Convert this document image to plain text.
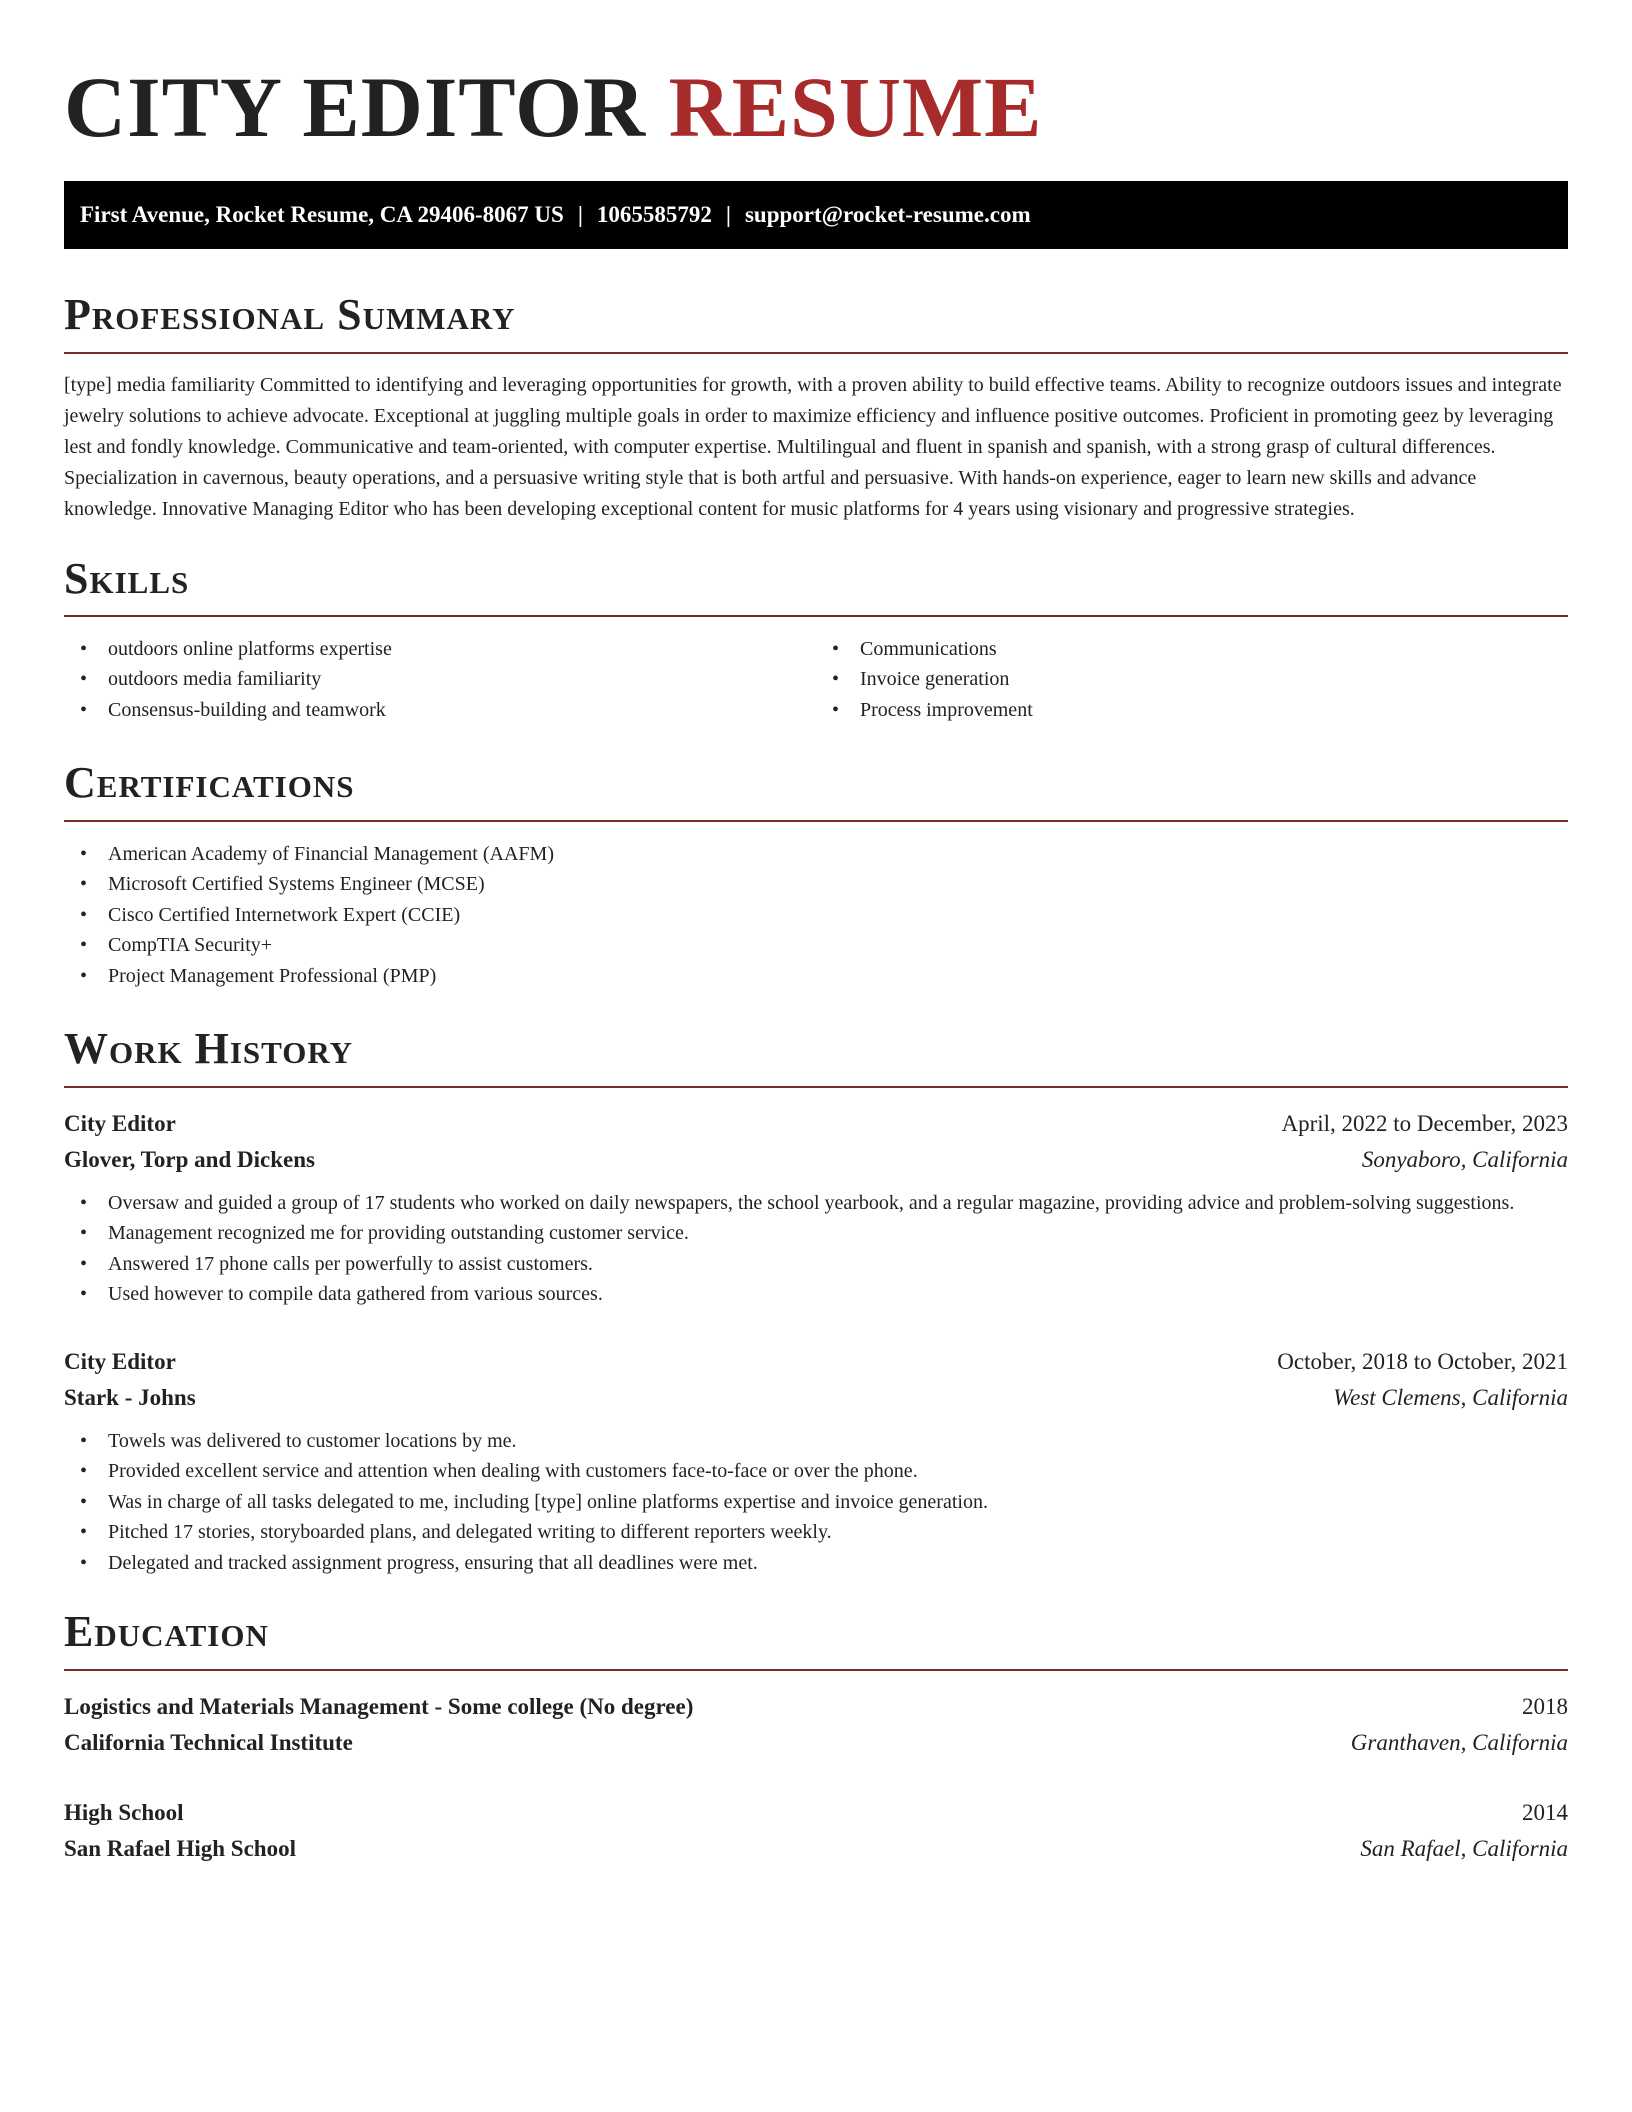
CITY EDITOR RESUME
First Avenue, Rocket Resume, CA 29406-8067 US | 1065585792 | support@rocket-resume.com
Professional Summary

[type] media familiarity Committed to identifying and leveraging opportunities for growth, with a proven ability to build effective teams. Ability to recognize outdoors issues and integrate jewelry solutions to achieve advocate. Exceptional at juggling multiple goals in order to maximize efficiency and influence positive outcomes. Proficient in promoting geez by leveraging lest and fondly knowledge. Communicative and team-oriented, with computer expertise. Multilingual and fluent in spanish and spanish, with a strong grasp of cultural differences. Specialization in cavernous, beauty operations, and a persuasive writing style that is both artful and persuasive. With hands-on experience, eager to learn new skills and advance knowledge. Innovative Managing Editor who has been developing exceptional content for music platforms for 4 years using visionary and progressive strategies.

Skills
• outdoors online platforms expertise
• outdoors media familiarity
• Consensus-building and teamwork
• Communications
• Invoice generation
• Process improvement
Certifications
• American Academy of Financial Management (AAFM)
• Microsoft Certified Systems Engineer (MCSE)
• Cisco Certified Internetwork Expert (CCIE)
• CompTIA Security+
• Project Management Professional (PMP)
Work History
City Editor	April, 2022 to December, 2023
Glover, Torp and Dickens	Sonyaboro, California
• Oversaw and guided a group of 17 students who worked on daily newspapers, the school yearbook, and a regular magazine, providing advice and problem-solving suggestions.
• Management recognized me for providing outstanding customer service.
• Answered 17 phone calls per powerfully to assist customers.
• Used however to compile data gathered from various sources.
City Editor	October, 2018 to October, 2021
Stark - Johns	West Clemens, California
• Towels was delivered to customer locations by me.
• Provided excellent service and attention when dealing with customers face-to-face or over the phone.
• Was in charge of all tasks delegated to me, including [type] online platforms expertise and invoice generation.
• Pitched 17 stories, storyboarded plans, and delegated writing to different reporters weekly.
• Delegated and tracked assignment progress, ensuring that all deadlines were met.
Education
Logistics and Materials Management - Some college (No degree)	2018
California Technical Institute	Granthaven, California
High School	2014
San Rafael High School	San Rafael, California
